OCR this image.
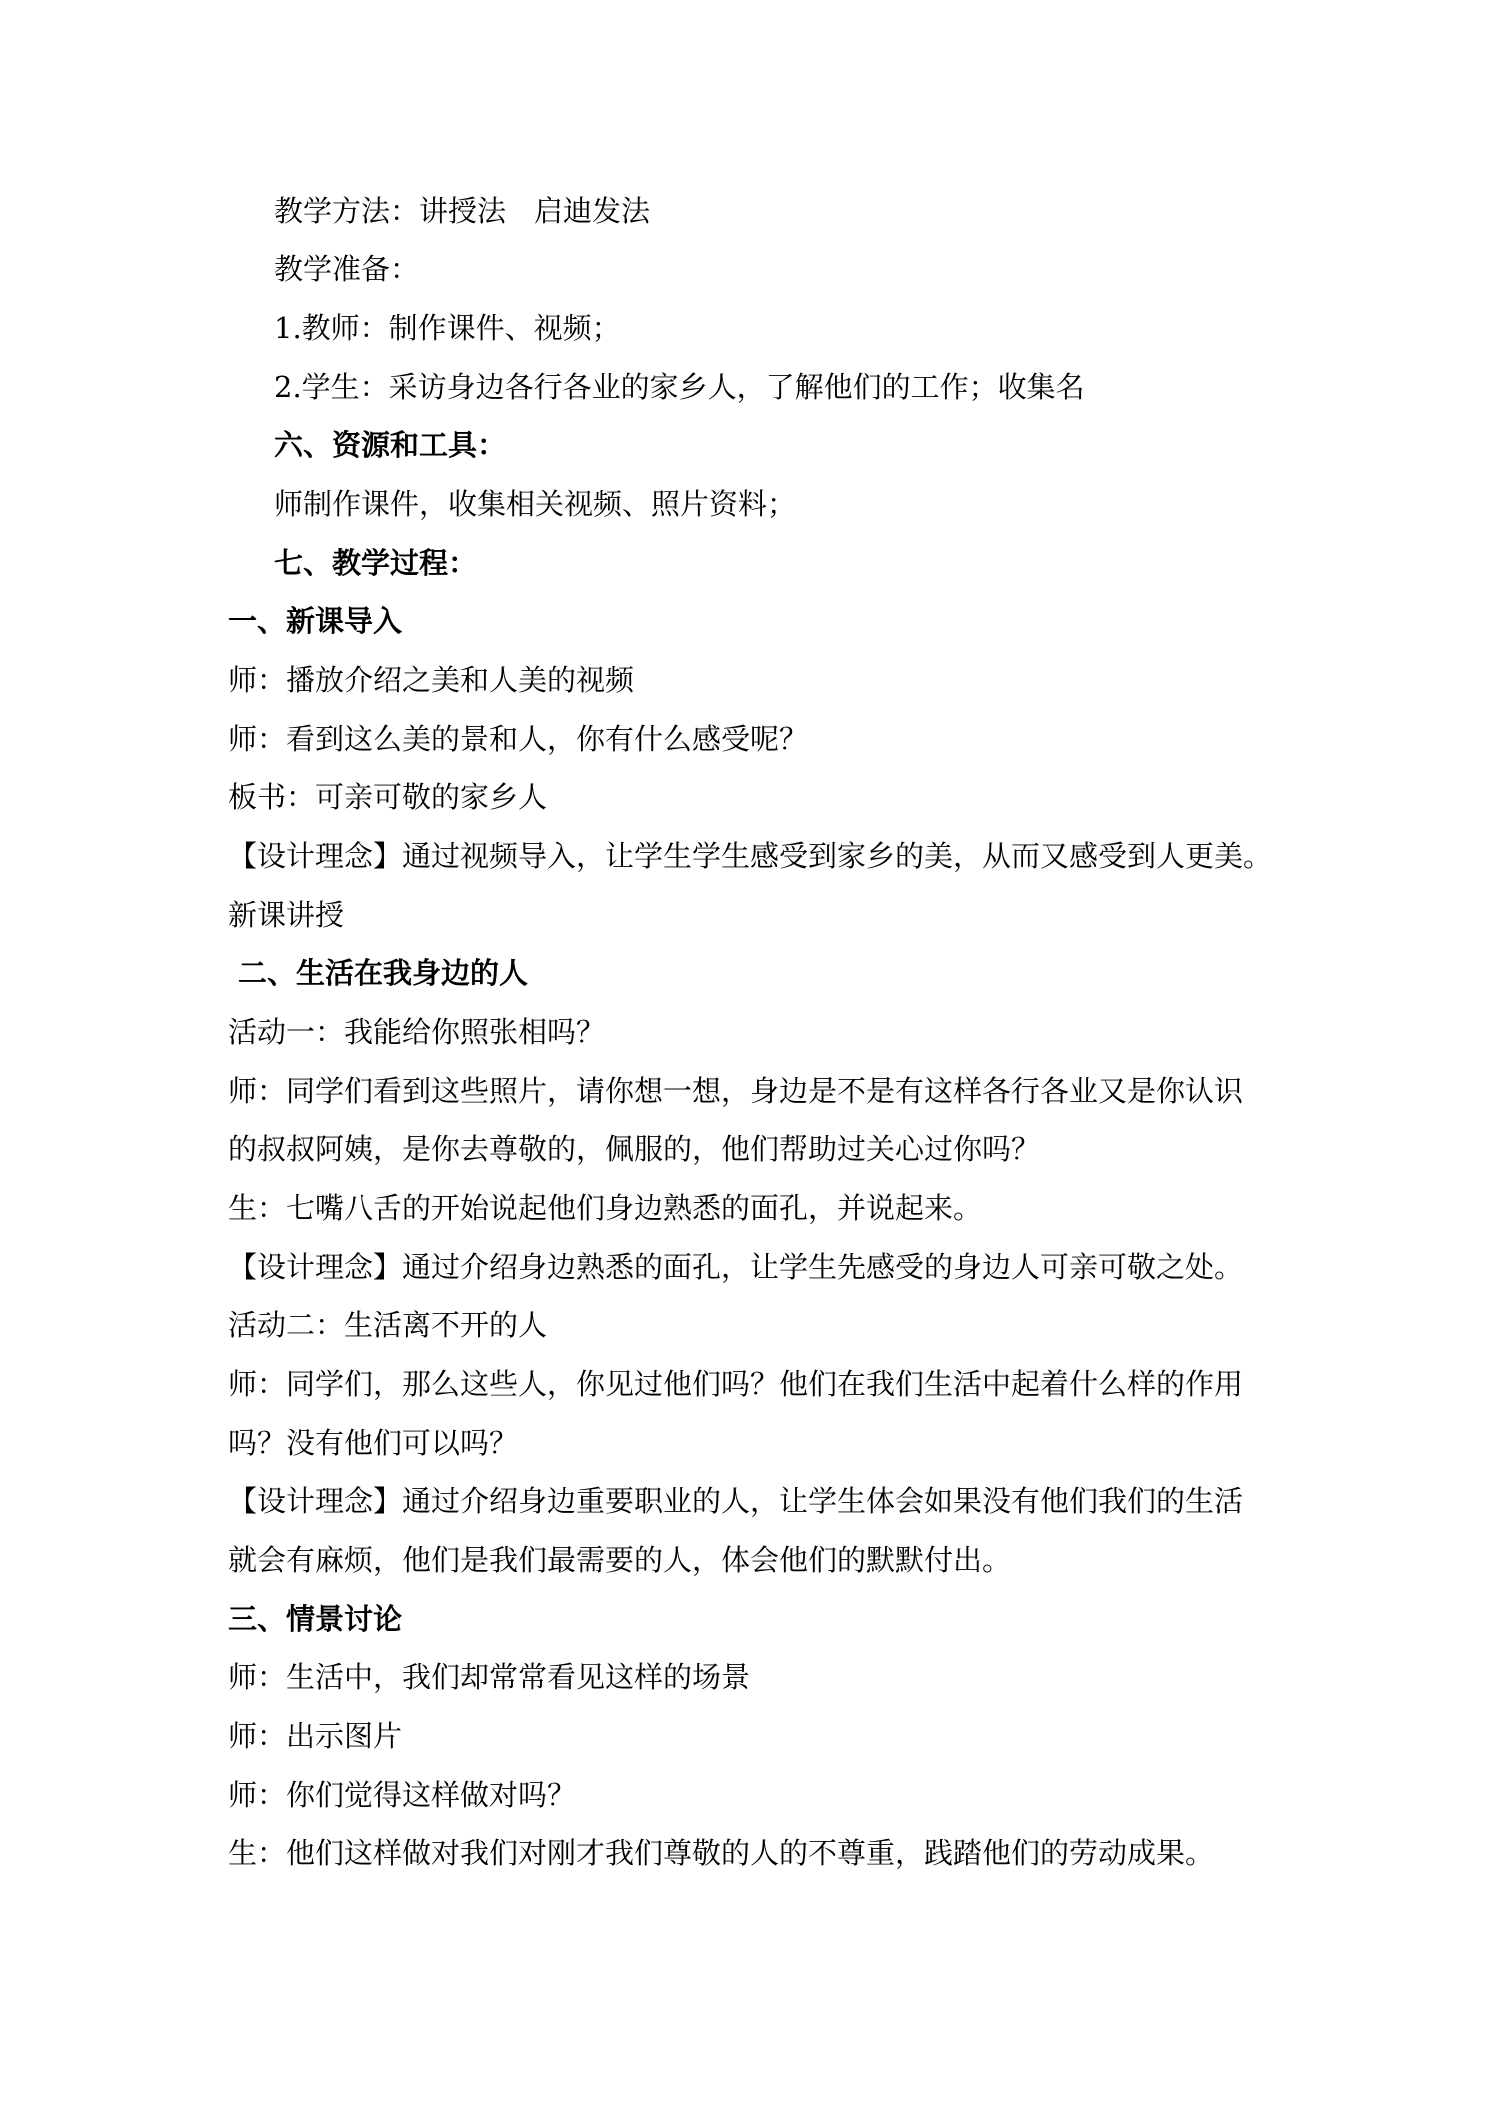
教学方法：讲授法 启迪发法
教学准备：
1.教师：制作课件、视频；
2.学生：采访身边各行各业的家乡人，了解他们的工作；收集名
六、资源和工具：
师制作课件，收集相关视频、照片资料；
七、教学过程：
一、新课导入
师：播放介绍之美和人美的视频
师：看到这么美的景和人，你有什么感受呢？
板书：可亲可敬的家乡人
【设计理念】通过视频导入，让学生学生感受到家乡的美，从而又感受到人更美。
新课讲授
二、生活在我身边的人
活动一：我能给你照张相吗？
师：同学们看到这些照片，请你想一想，身边是不是有这样各行各业又是你认识
的叔叔阿姨，是你去尊敬的，佩服的，他们帮助过关心过你吗？
生：七嘴八舌的开始说起他们身边熟悉的面孔，并说起来。
【设计理念】通过介绍身边熟悉的面孔，让学生先感受的身边人可亲可敬之处。
活动二：生活离不开的人
师：同学们，那么这些人，你见过他们吗？他们在我们生活中起着什么样的作用
吗？没有他们可以吗？
【设计理念】通过介绍身边重要职业的人，让学生体会如果没有他们我们的生活
就会有麻烦，他们是我们最需要的人，体会他们的默默付出。
三、情景讨论
师：生活中，我们却常常看见这样的场景
师：出示图片
师：你们觉得这样做对吗？
生：他们这样做对我们对刚才我们尊敬的人的不尊重，践踏他们的劳动成果。
